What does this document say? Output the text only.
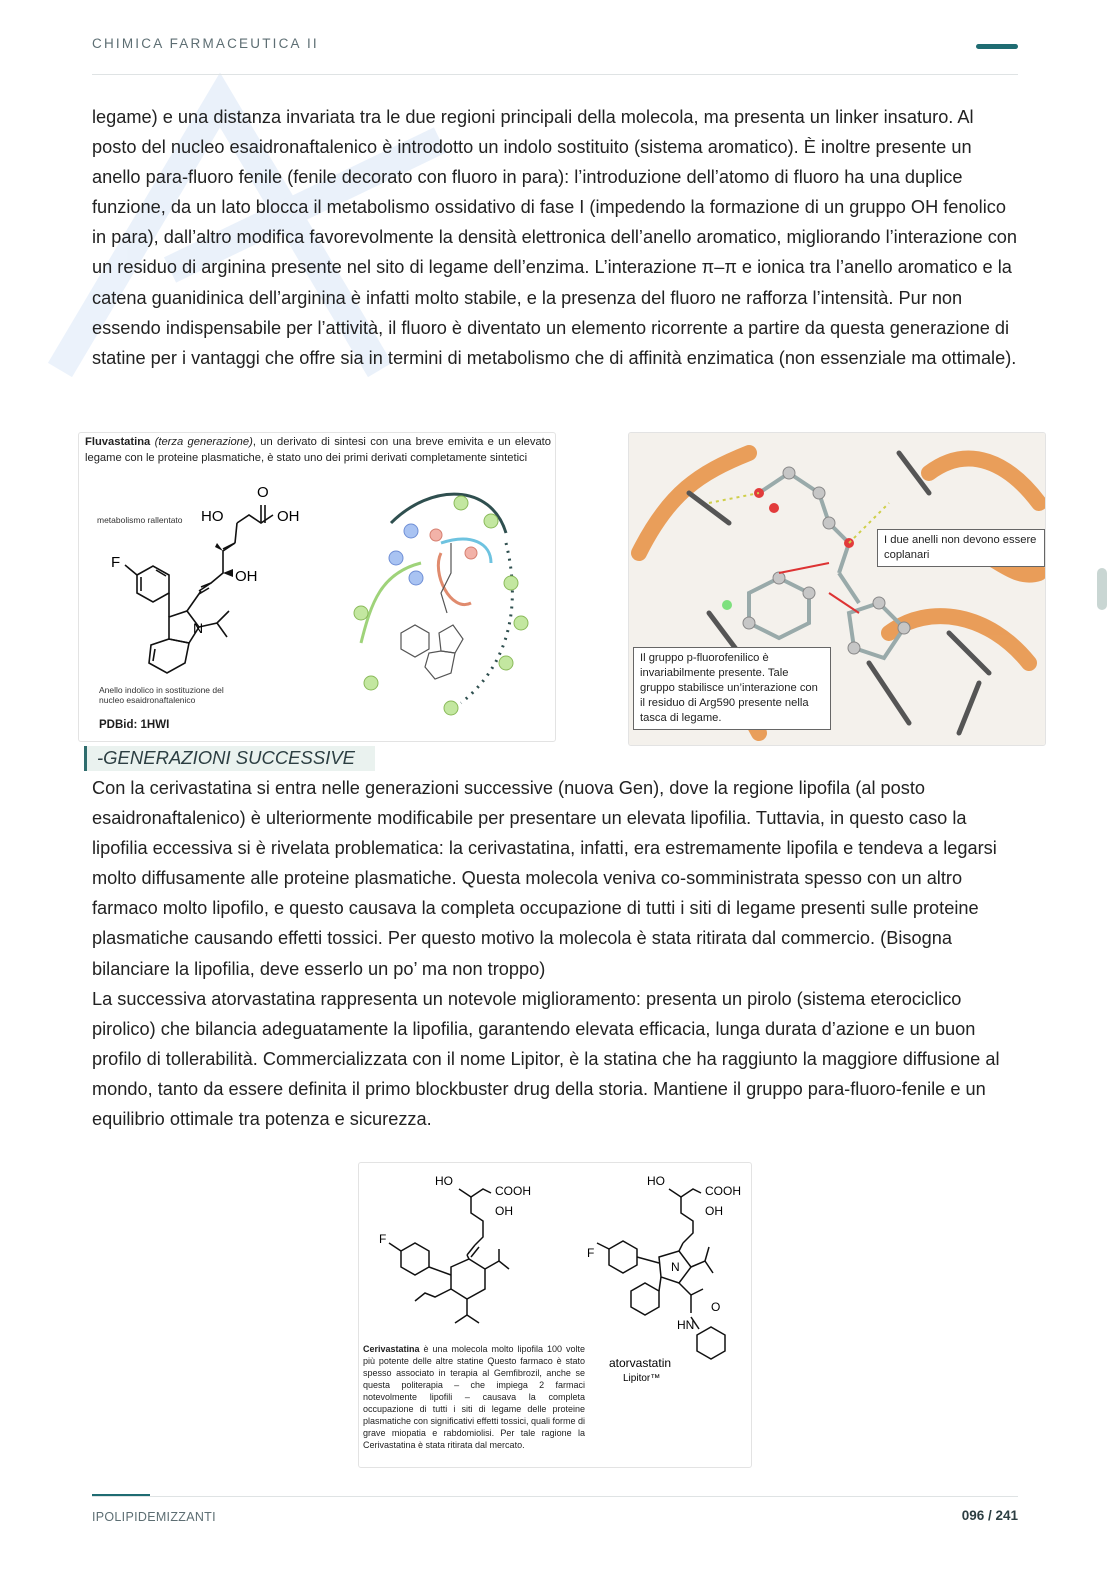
CHIMICA FARMACEUTICA II

legame) e una distanza invariata tra le due regioni principali della molecola, ma presenta un linker insaturo. Al posto del nucleo esaidronaftalenico è introdotto un indolo sostituito (sistema aromatico). È inoltre presente un anello para-fluoro fenile (fenile decorato con fluoro in para): l’introduzione dell’atomo di fluoro ha una duplice funzione, da un lato blocca il metabolismo ossidativo di fase I (impedendo la formazione di un gruppo OH fenolico in para), dall’altro modifica favorevolmente la densità elettronica dell’anello aromatico, migliorando l’interazione con un residuo di arginina presente nel sito di legame dell’enzima. L’interazione π–π e ionica tra l’anello aromatico e la catena guanidinica dell’arginina è infatti molto stabile, e la presenza del fluoro ne rafforza l’intensità. Pur non essendo indispensabile per l’attività, il fluoro è diventato un elemento ricorrente a partire da questa generazione di statine per i vantaggi che offre sia in termini di metabolismo che di affinità enzimatica (non essenziale ma ottimale).

Fluvastatina (terza generazione), un derivato di sintesi con una breve emivita e un elevato legame con le proteine plasmatiche, è stato uno dei primi derivati completamente sintetici
metabolismo rallentato
Anello indolico in sostituzione del nucleo esaidronaftalenico
PDBid: 1HWI
O
OH
HO
OH
F
N
I due anelli non devono essere coplanari
Il gruppo p-fluorofenilico è invariabilmente presente. Tale gruppo stabilisce un’interazione con il residuo di Arg590 presente nella tasca di legame.
-GENERAZIONI SUCCESSIVE

Con la cerivastatina si entra nelle generazioni successive (nuova Gen), dove la regione lipofila (al posto esaidronaftalenico) è ulteriormente modificabile per presentare un elevata lipofilia. Tuttavia, in questo caso la lipofilia eccessiva si è rivelata problematica: la cerivastatina, infatti, era estremamente lipofila e tendeva a legarsi molto diffusamente alle proteine plasmatiche. Questa molecola veniva co-somministrata spesso con un altro farmaco molto lipofilo, e questo causava la completa occupazione di tutti i siti di legame presenti sulle proteine plasmatiche causando effetti tossici. Per questo motivo la molecola è stata ritirata dal commercio. (Bisogna bilanciare la lipofilia, deve esserlo un po’ ma non troppo)

La successiva atorvastatina rappresenta un notevole miglioramento: presenta un pirolo (sistema eterociclico pirolico) che bilancia adeguatamente la lipofilia, garantendo elevata efficacia, lunga durata d’azione e un buon profilo di tollerabilità. Commercializzata con il nome Lipitor, è la statina che ha raggiunto la maggiore diffusione al mondo, tanto da essere definita il primo blockbuster drug della storia. Mantiene il gruppo para-fluoro-fenile e un equilibrio ottimale tra potenza e sicurezza.

HO
COOH
OH
F
HO
COOH
OH
F
N
O
HN
atorvastatin
Lipitor™
Cerivastatina è una molecola molto lipofila 100 volte più potente delle altre statine Questo farmaco è stato spesso associato in terapia al Gemfibrozil, anche se questa politerapia – che impiega 2 farmaci notevolmente lipofili – causava la completa occupazione di tutti i siti di legame delle proteine plasmatiche con significativi effetti tossici, quali forme di grave miopatia e rabdomiolisi. Per tale ragione la Cerivastatina è stata ritirata dal mercato.
IPOLIPIDEMIZZANTI	096 / 241
